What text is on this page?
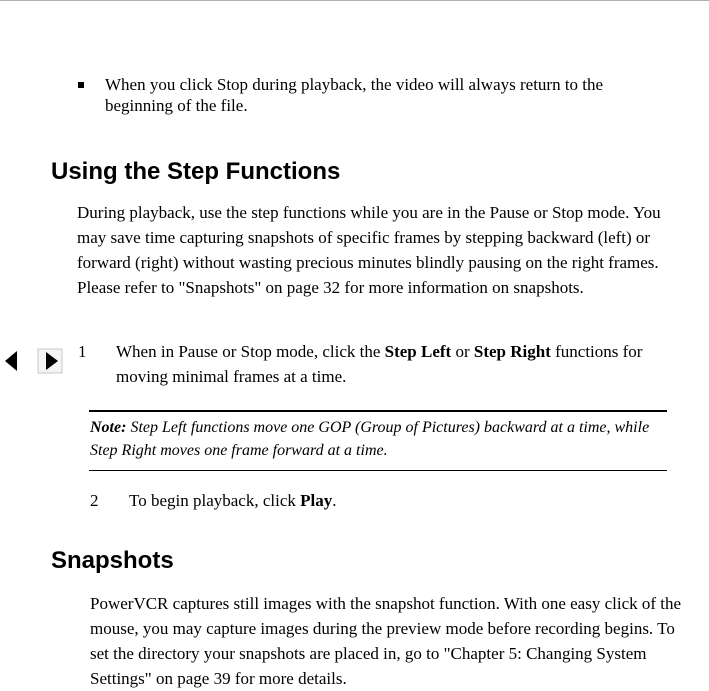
When you click Stop during playback, the video will always return to the beginning of the file.
Using the Step Functions

During playback, use the step functions while you are in the Pause or Stop mode. You may save time capturing snapshots of specific frames by stepping backward (left) or forward (right) without wasting precious minutes blindly pausing on the right frames. Please refer to "Snapshots" on page 32 for more information on snapshots.

1 When in Pause or Stop mode, click the Step Left or Step Right functions for moving minimal frames at a time.
Note: Step Left functions move one GOP (Group of Pictures) backward at a time, while Step Right moves one frame forward at a time.
2 To begin playback, click Play.
Snapshots

PowerVCR captures still images with the snapshot function. With one easy click of the mouse, you may capture images during the preview mode before recording begins. To set the directory your snapshots are placed in, go to "Chapter 5: Changing System Settings" on page 39 for more details.
